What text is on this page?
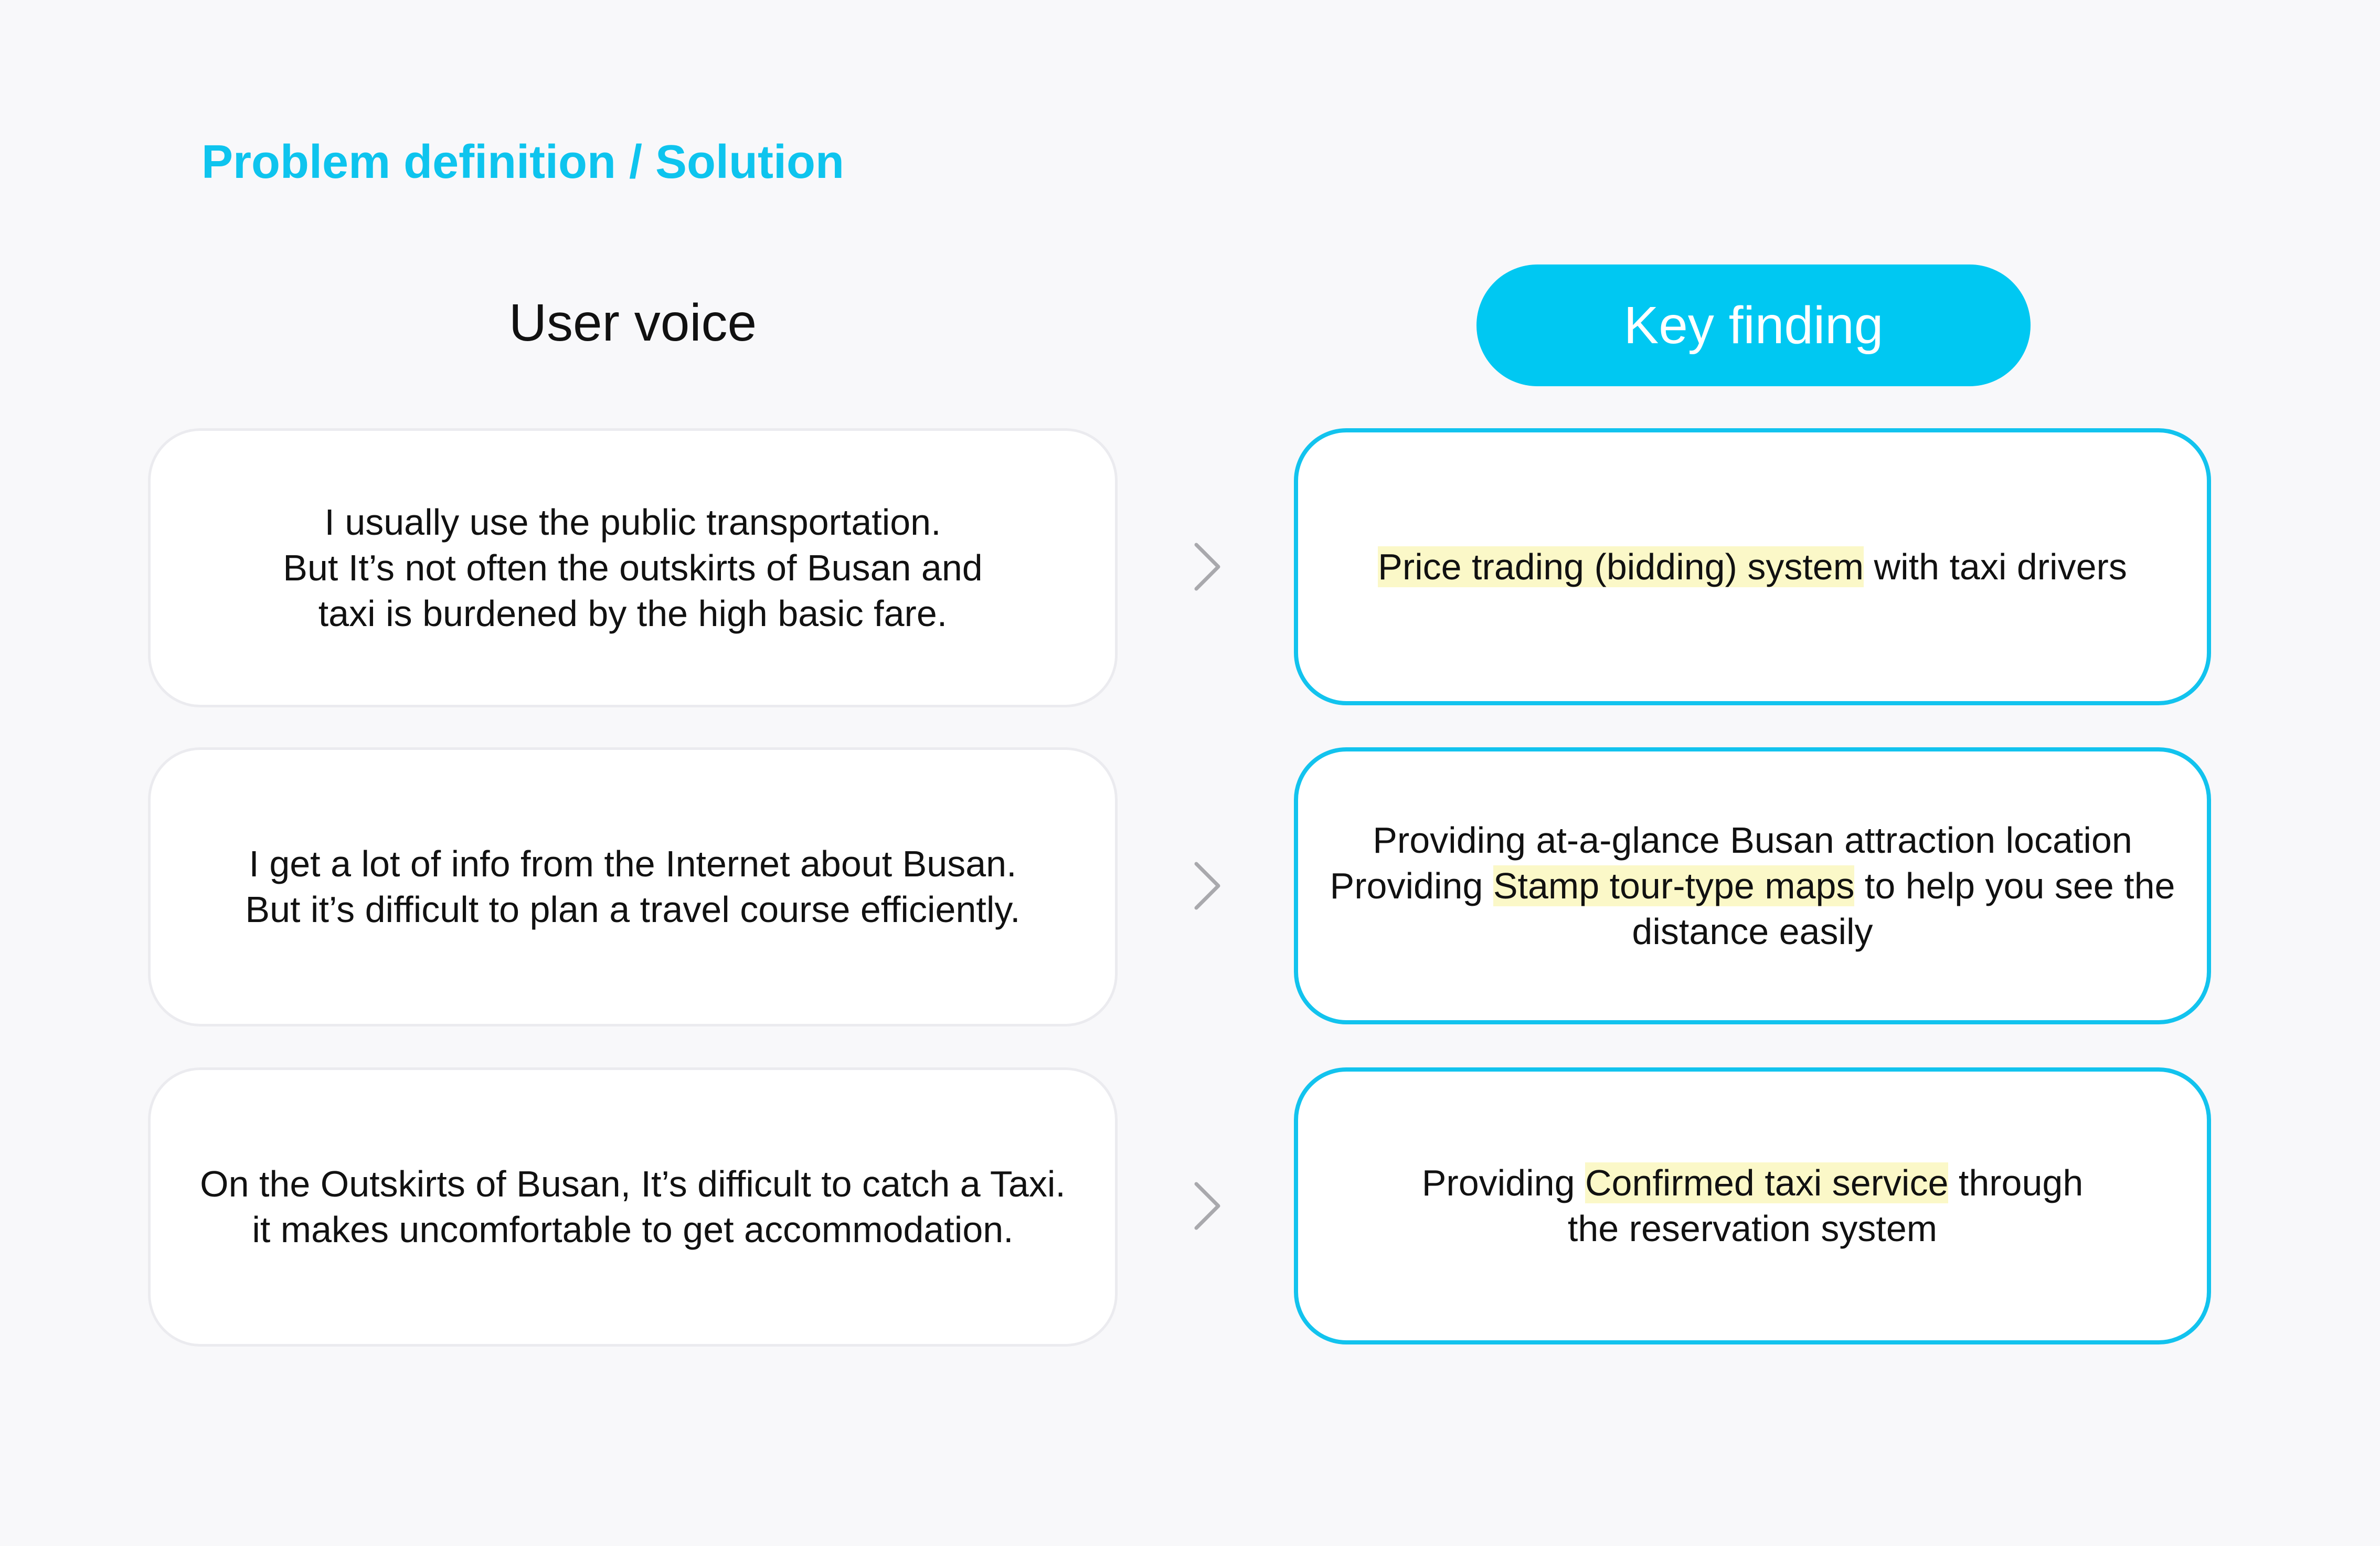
Problem definition / Solution
User voice	Key finding
I usually use the public transportation.
But It’s not often the outskirts of Busan and
taxi is burdened by the high basic fare.
Price trading (bidding) system with taxi drivers
I get a lot of info from the Internet about Busan.
But it’s difficult to plan a travel course efficiently.
Providing at-a-glance Busan attraction location
Providing Stamp tour-type maps to help you see the
distance easily
On the Outskirts of Busan, It’s difficult to catch a Taxi.
it makes uncomfortable to get accommodation.
Providing Confirmed taxi service through
the reservation system
